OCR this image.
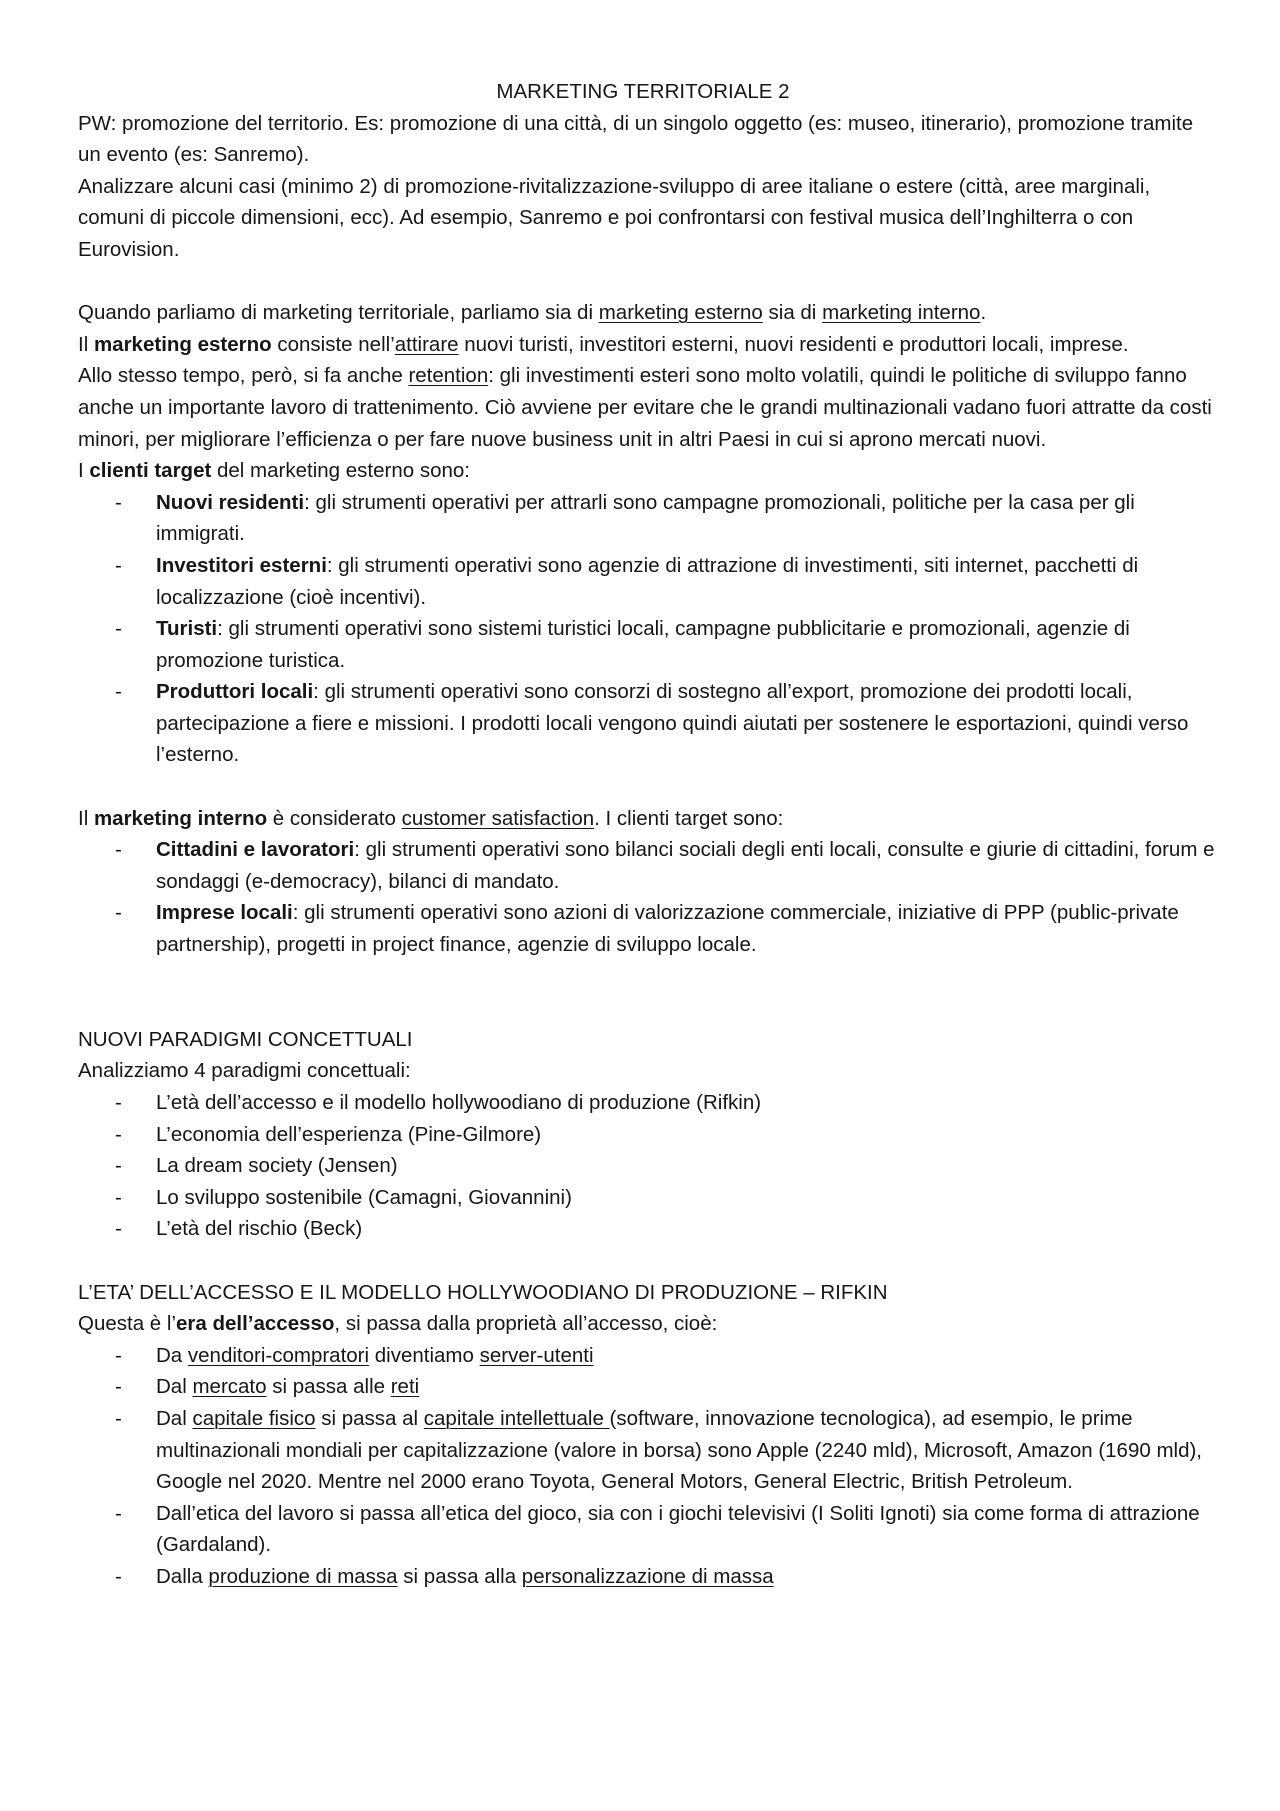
MARKETING TERRITORIALE 2

PW: promozione del territorio. Es: promozione di una città, di un singolo oggetto (es: museo, itinerario), promozione tramite un evento (es: Sanremo).

Analizzare alcuni casi (minimo 2) di promozione-rivitalizzazione-sviluppo di aree italiane o estere (città, aree marginali, comuni di piccole dimensioni, ecc). Ad esempio, Sanremo e poi confrontarsi con festival musica dell’Inghilterra o con Eurovision.

Quando parliamo di marketing territoriale, parliamo sia di marketing esterno sia di marketing interno.

Il marketing esterno consiste nell’attirare nuovi turisti, investitori esterni, nuovi residenti e produttori locali, imprese.

Allo stesso tempo, però, si fa anche retention: gli investimenti esteri sono molto volatili, quindi le politiche di sviluppo fanno anche un importante lavoro di trattenimento. Ciò avviene per evitare che le grandi multinazionali vadano fuori attratte da costi minori, per migliorare l’efficienza o per fare nuove business unit in altri Paesi in cui si aprono mercati nuovi.

I clienti target del marketing esterno sono:

- Nuovi residenti: gli strumenti operativi per attrarli sono campagne promozionali, politiche per la casa per gli immigrati.
- Investitori esterni: gli strumenti operativi sono agenzie di attrazione di investimenti, siti internet, pacchetti di localizzazione (cioè incentivi).
- Turisti: gli strumenti operativi sono sistemi turistici locali, campagne pubblicitarie e promozionali, agenzie di promozione turistica.
- Produttori locali: gli strumenti operativi sono consorzi di sostegno all’export, promozione dei prodotti locali, partecipazione a fiere e missioni. I prodotti locali vengono quindi aiutati per sostenere le esportazioni, quindi verso l’esterno.

Il marketing interno è considerato customer satisfaction. I clienti target sono:

- Cittadini e lavoratori: gli strumenti operativi sono bilanci sociali degli enti locali, consulte e giurie di cittadini, forum e sondaggi (e-democracy), bilanci di mandato.
- Imprese locali: gli strumenti operativi sono azioni di valorizzazione commerciale, iniziative di PPP (public-private partnership), progetti in project finance, agenzie di sviluppo locale.

NUOVI PARADIGMI CONCETTUALI

Analizziamo 4 paradigmi concettuali:

- L’età dell’accesso e il modello hollywoodiano di produzione (Rifkin)
- L’economia dell’esperienza (Pine-Gilmore)
- La dream society (Jensen)
- Lo sviluppo sostenibile (Camagni, Giovannini)
- L’età del rischio (Beck)

L’ETA’ DELL’ACCESSO E IL MODELLO HOLLYWOODIANO DI PRODUZIONE – RIFKIN

Questa è l’era dell’accesso, si passa dalla proprietà all’accesso, cioè:

- Da venditori-compratori diventiamo server-utenti
- Dal mercato si passa alle reti
- Dal capitale fisico si passa al capitale intellettuale (software, innovazione tecnologica), ad esempio, le prime multinazionali mondiali per capitalizzazione (valore in borsa) sono Apple (2240 mld), Microsoft, Amazon (1690 mld), Google nel 2020. Mentre nel 2000 erano Toyota, General Motors, General Electric, British Petroleum.
- Dall’etica del lavoro si passa all’etica del gioco, sia con i giochi televisivi (I Soliti Ignoti) sia come forma di attrazione (Gardaland).
- Dalla produzione di massa si passa alla personalizzazione di massa
